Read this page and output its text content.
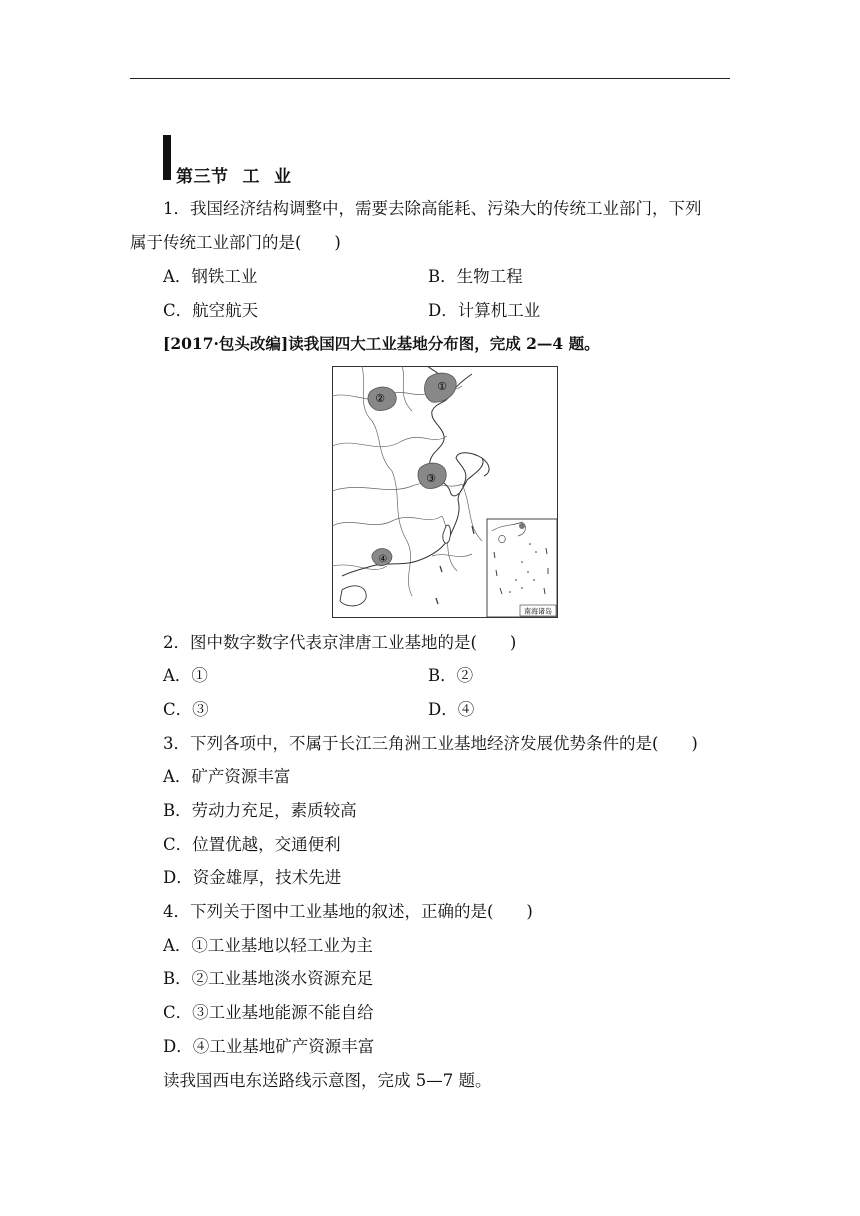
第三节 工 业
1．我国经济结构调整中，需要去除高能耗、污染大的传统工业部门，下列
属于传统工业部门的是(　　)
A．钢铁工业	B．生物工程
C．航空航天	D．计算机工业
[2017·包头改编]读我国四大工业基地分布图，完成 2—4 题。
①
②
③
④
南海诸岛
2．图中数字数字代表京津唐工业基地的是(　　)
A．①	B．②
C．③	D．④
3．下列各项中，不属于长江三角洲工业基地经济发展优势条件的是(　　)
A．矿产资源丰富
B．劳动力充足，素质较高
C．位置优越，交通便利
D．资金雄厚，技术先进
4．下列关于图中工业基地的叙述，正确的是(　　)
A．①工业基地以轻工业为主
B．②工业基地淡水资源充足
C．③工业基地能源不能自给
D．④工业基地矿产资源丰富
读我国西电东送路线示意图，完成 5—7 题。
